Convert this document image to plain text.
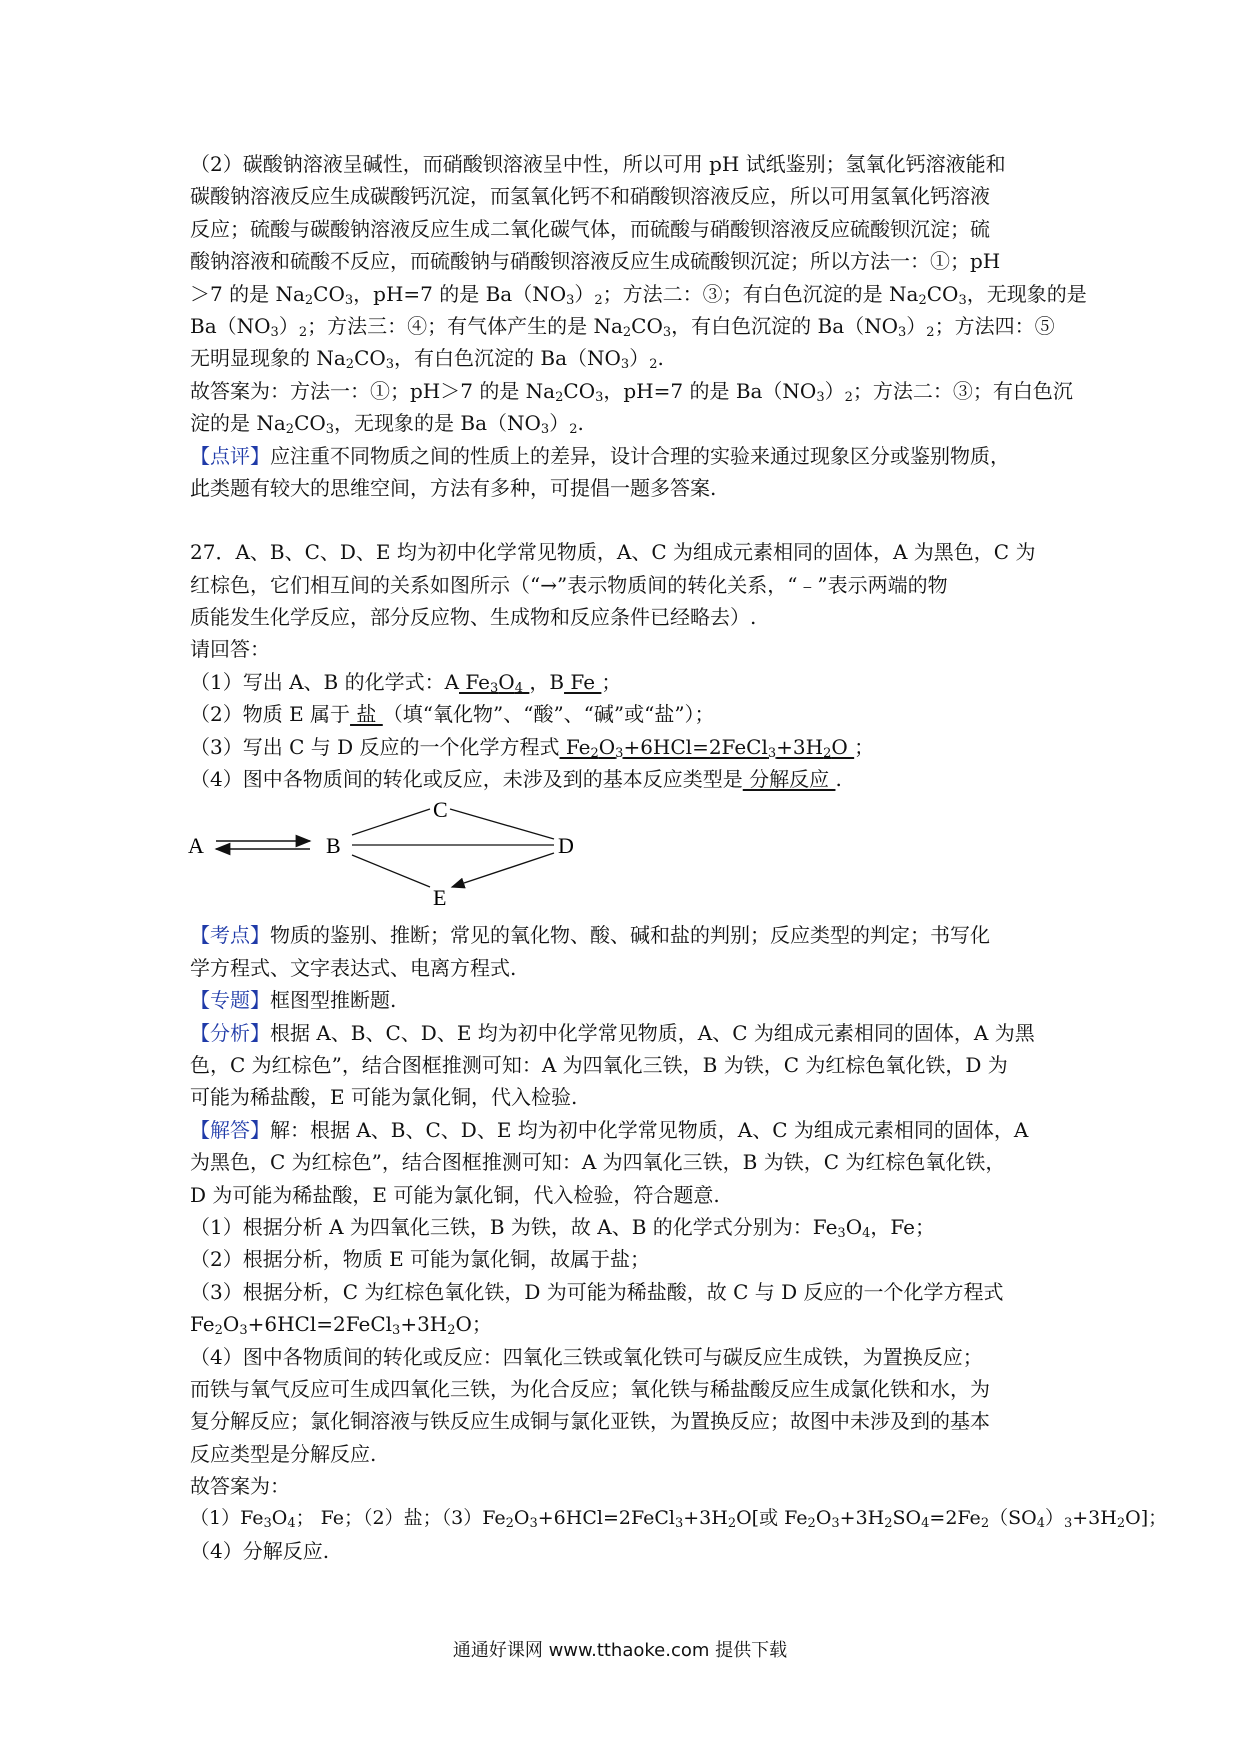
（2）碳酸钠溶液呈碱性，而硝酸钡溶液呈中性，所以可用 pH 试纸鉴别；氢氧化钙溶液能和
碳酸钠溶液反应生成碳酸钙沉淀，而氢氧化钙不和硝酸钡溶液反应，所以可用氢氧化钙溶液
反应；硫酸与碳酸钠溶液反应生成二氧化碳气体，而硫酸与硝酸钡溶液反应硫酸钡沉淀；硫
酸钠溶液和硫酸不反应，而硫酸钠与硝酸钡溶液反应生成硫酸钡沉淀；所以方法一：①；pH
＞7 的是 $Na_2CO_3$，pH=7 的是 $Ba(NO_3)_2$；方法二：③；有白色沉淀的是 $Na_2CO_3$，无现象的是
$Ba(NO_3)_2$；方法三：④；有气体产生的是 $Na_2CO_3$，有白色沉淀的 $Ba(NO_3)_2$；方法四：⑤
无明显现象的 $Na_2CO_3$，有白色沉淀的 $Ba(NO_3)_2$.
故答案为：方法一：①；pH＞7 的是 $Na_2CO_3$，pH=7 的是 $Ba(NO_3)_2$；方法二：③；有白色沉
淀的是 $Na_2CO_3$，无现象的是 $Ba(NO_3)_2$.
【点评】应注重不同物质之间的性质上的差异，设计合理的实验来通过现象区分或鉴别物质，
此类题有较大的思维空间，方法有多种，可提倡一题多答案.
27．A、B、C、D、E 均为初中化学常见物质，A、C 为组成元素相同的固体，A 为黑色，C 为
红棕色，它们相互间的关系如图所示（“→”表示物质间的转化关系，“﹣”表示两端的物
质能发生化学反应，部分反应物、生成物和反应条件已经略去）.
请回答：
（1）写出 A、B 的化学式：A $Fe_3O_4$ ，B Fe ；
（2）物质 E 属于 盐 （填“氧化物”、“酸”、“碱”或“盐”）；
（3）写出 C 与 D 反应的一个化学方程式 $Fe_2O_3+6HCl=2FeCl_3+3H_2O$ ；
（4）图中各物质间的转化或反应，未涉及到的基本反应类型是 分解反应 .
A	B
C
D
E
【考点】物质的鉴别、推断；常见的氧化物、酸、碱和盐的判别；反应类型的判定；书写化
学方程式、文字表达式、电离方程式.
【专题】框图型推断题.
【分析】根据 A、B、C、D、E 均为初中化学常见物质，A、C 为组成元素相同的固体，A 为黑
色，C 为红棕色”，结合图框推测可知：A 为四氧化三铁，B 为铁，C 为红棕色氧化铁，D 为
可能为稀盐酸，E 可能为氯化铜，代入检验.
【解答】解：根据 A、B、C、D、E 均为初中化学常见物质，A、C 为组成元素相同的固体，A
为黑色，C 为红棕色”，结合图框推测可知：A 为四氧化三铁，B 为铁，C 为红棕色氧化铁，
D 为可能为稀盐酸，E 可能为氯化铜，代入检验，符合题意.
（1）根据分析 A 为四氧化三铁，B 为铁，故 A、B 的化学式分别为：$Fe_3O_4$，Fe；
（2）根据分析，物质 E 可能为氯化铜，故属于盐；
（3）根据分析，C 为红棕色氧化铁，D 为可能为稀盐酸，故 C 与 D 反应的一个化学方程式
$Fe_2O_3+6HCl=2FeCl_3+3H_2O$；
（4）图中各物质间的转化或反应：四氧化三铁或氧化铁可与碳反应生成铁，为置换反应；
而铁与氧气反应可生成四氧化三铁，为化合反应；氧化铁与稀盐酸反应生成氯化铁和水，为
复分解反应；氯化铜溶液与铁反应生成铜与氯化亚铁，为置换反应；故图中未涉及到的基本
反应类型是分解反应.
故答案为：
$(1)Fe_3O_4$； Fe；（2）盐；$(3)Fe_2O_3+6HCl=2FeCl_3+3H_2O$[或 $Fe_2O_3+3H_2SO_4=2Fe_2(SO_4)_3+3H_2O$]；
（4）分解反应.
通通好课网 www.tthaoke.com 提供下载
